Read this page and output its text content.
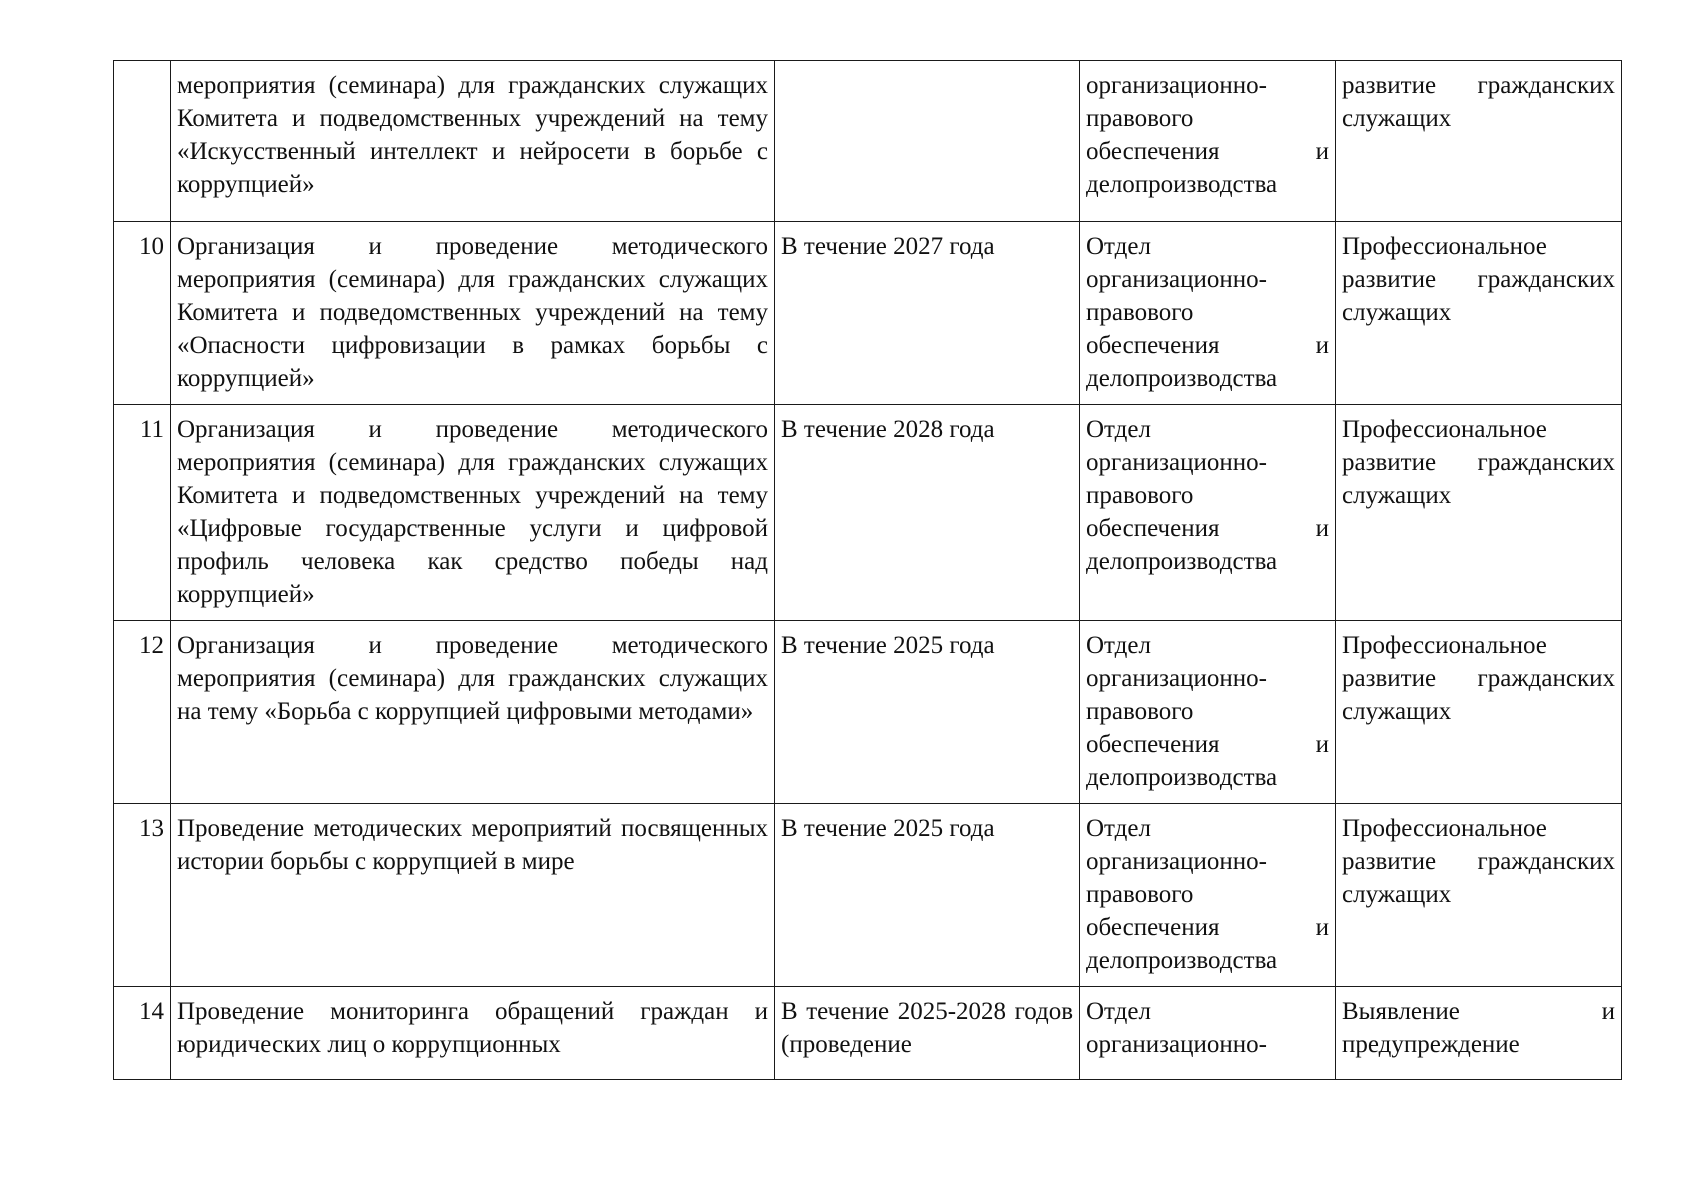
	мероприятия (семинара) для гражданских служащих Комитета и подведомственных учреждений на тему «Искусственный интеллект и нейросети в борьбе с коррупцией»		организационно-правового обеспечения и делопроизводства	развитие гражданских служащих
10	Организация и проведение методического мероприятия (семинара) для гражданских служащих Комитета и подведомственных учреждений на тему «Опасности цифровизации в рамках борьбы с коррупцией»	В течение 2027 года	Отдел организационно-правового обеспечения и делопроизводства	Профессиональное развитие гражданских служащих
11	Организация и проведение методического мероприятия (семинара) для гражданских служащих Комитета и подведомственных учреждений на тему «Цифровые государственные услуги и цифровой профиль человека как средство победы над коррупцией»	В течение 2028 года	Отдел организационно-правового обеспечения и делопроизводства	Профессиональное развитие гражданских служащих
12	Организация и проведение методического мероприятия (семинара) для гражданских служащих на тему «Борьба с коррупцией цифровыми методами»	В течение 2025 года	Отдел организационно-правового обеспечения и делопроизводства	Профессиональное развитие гражданских служащих
13	Проведение методических мероприятий посвященных истории борьбы с коррупцией в мире	В течение 2025 года	Отдел организационно-правового обеспечения и делопроизводства	Профессиональное развитие гражданских служащих
14	Проведение мониторинга обращений граждан и юридических лиц о коррупционных	В течение 2025-2028 годов (проведение	Отдел организационно-	Выявление и предупреждение
